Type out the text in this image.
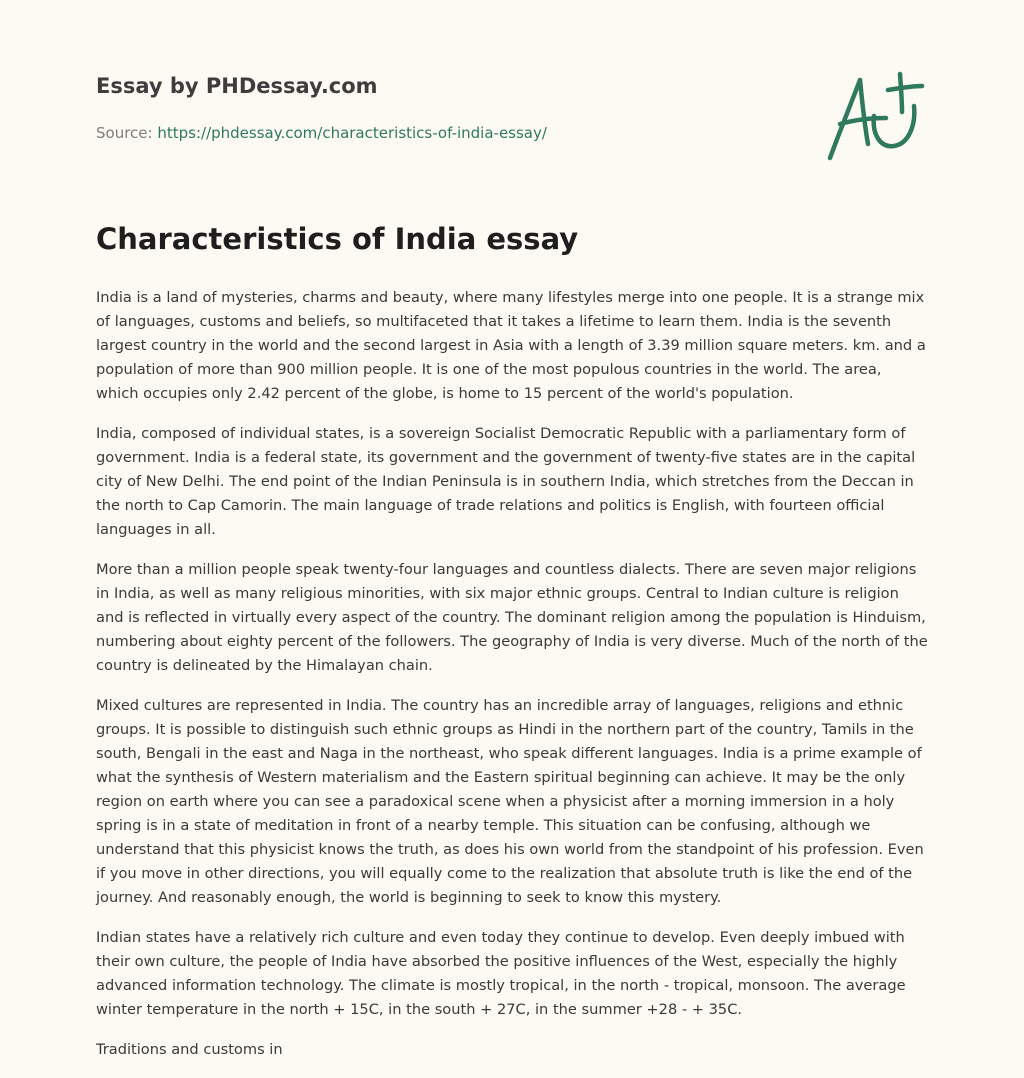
Essay by PHDessay.com
Source: https://phdessay.com/characteristics-of-india-essay/
Characteristics of India essay

India is a land of mysteries, charms and beauty, where many lifestyles merge into one people. It is a strange mix of languages, customs and beliefs, so multifaceted that it takes a lifetime to learn them. India is the seventh largest country in the world and the second largest in Asia with a length of 3.39 million square meters. km. and a population of more than 900 million people. It is one of the most populous countries in the world. The area, which occupies only 2.42 percent of the globe, is home to 15 percent of the world's population.

India, composed of individual states, is a sovereign Socialist Democratic Republic with a parliamentary form of government. India is a federal state, its government and the government of twenty-five states are in the capital city of New Delhi. The end point of the Indian Peninsula is in southern India, which stretches from the Deccan in the north to Cap Camorin. The main language of trade relations and politics is English, with fourteen official languages in all.

More than a million people speak twenty-four languages and countless dialects. There are seven major religions in India, as well as many religious minorities, with six major ethnic groups. Central to Indian culture is religion and is reflected in virtually every aspect of the country. The dominant religion among the population is Hinduism, numbering about eighty percent of the followers. The geography of India is very diverse. Much of the north of the country is delineated by the Himalayan chain.

Mixed cultures are represented in India. The country has an incredible array of languages, religions and ethnic groups. It is possible to distinguish such ethnic groups as Hindi in the northern part of the country, Tamils in the south, Bengali in the east and Naga in the northeast, who speak different languages. India is a prime example of what the synthesis of Western materialism and the Eastern spiritual beginning can achieve. It may be the only region on earth where you can see a paradoxical scene when a physicist after a morning immersion in a holy spring is in a state of meditation in front of a nearby temple. This situation can be confusing, although we understand that this physicist knows the truth, as does his own world from the standpoint of his profession. Even if you move in other directions, you will equally come to the realization that absolute truth is like the end of the journey. And reasonably enough, the world is beginning to seek to know this mystery.

Indian states have a relatively rich culture and even today they continue to develop. Even deeply imbued with their own culture, the people of India have absorbed the positive influences of the West, especially the highly advanced information technology. The climate is mostly tropical, in the north - tropical, monsoon. The average winter temperature in the north + 15C, in the south + 27C, in the summer +28 - + 35C.

Traditions and customs in
